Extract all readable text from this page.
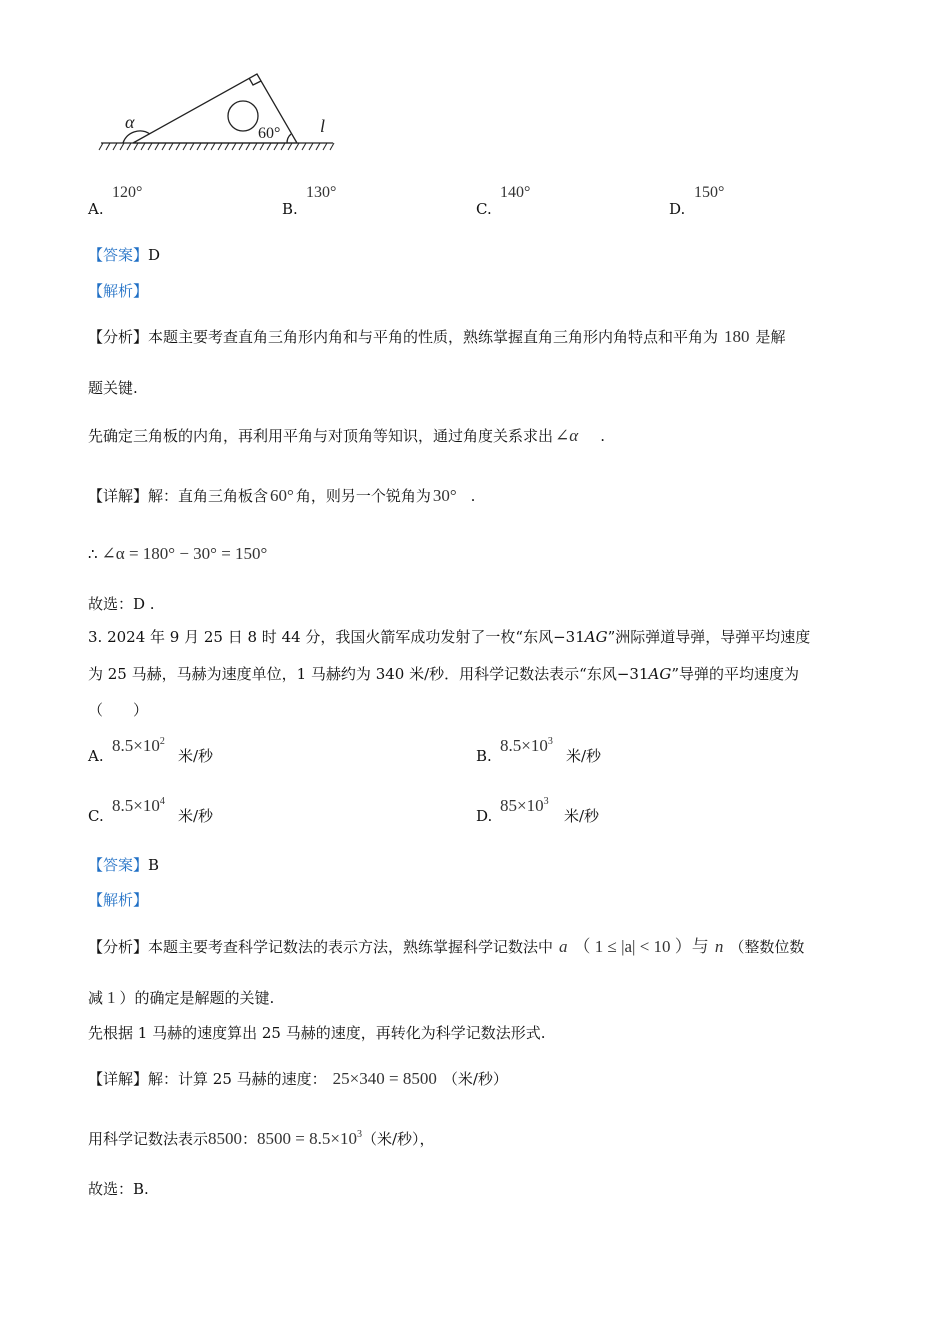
α
60° l
A.
120°
B.
130°
C.
140°
D.
150°
【答案】D
【解析】
【分析】本题主要考查直角三角形内角和与平角的性质，熟练掌握直角三角形内角特点和平角为 180 是解
题关键.
先确定三角板的内角，再利用平角与对顶角等知识，通过角度关系求出 ∠α .
【详解】解：直角三角板含 60° 角，则另一个锐角为 30° .
∴ ∠α = 180° − 30° = 150°
故选：D .
3. 2024 年 9 月 25 日 8 时 44 分，我国火箭军成功发射了一枚“东风−31AG”洲际弹道导弹，导弹平均速度
为 25 马赫，马赫为速度单位，1 马赫约为 340 米/秒．用科学记数法表示“东风−31AG”导弹的平均速度为
（　　）
A.
$8.5\times 10^2$
米/秒	B.
$8.5\times 10^3$
米/秒
C.
$8.5\times 10^4$
米/秒	D.
$85\times 10^3$
米/秒
【答案】B
【解析】
【分析】本题主要考查科学记数法的表示方法，熟练掌握科学记数法中 a （ 1 ≤ |a| < 10 ）与 n （整数位数
减 1 ）的确定是解题的关键.
先根据 1 马赫的速度算出 25 马赫的速度，再转化为科学记数法形式.
【详解】解：计算 25 马赫的速度： 25×340 = 8500 （米/秒）
用科学记数法表示8500：$8500 = 8.5\times 10^3$（米/秒），
故选：B.
